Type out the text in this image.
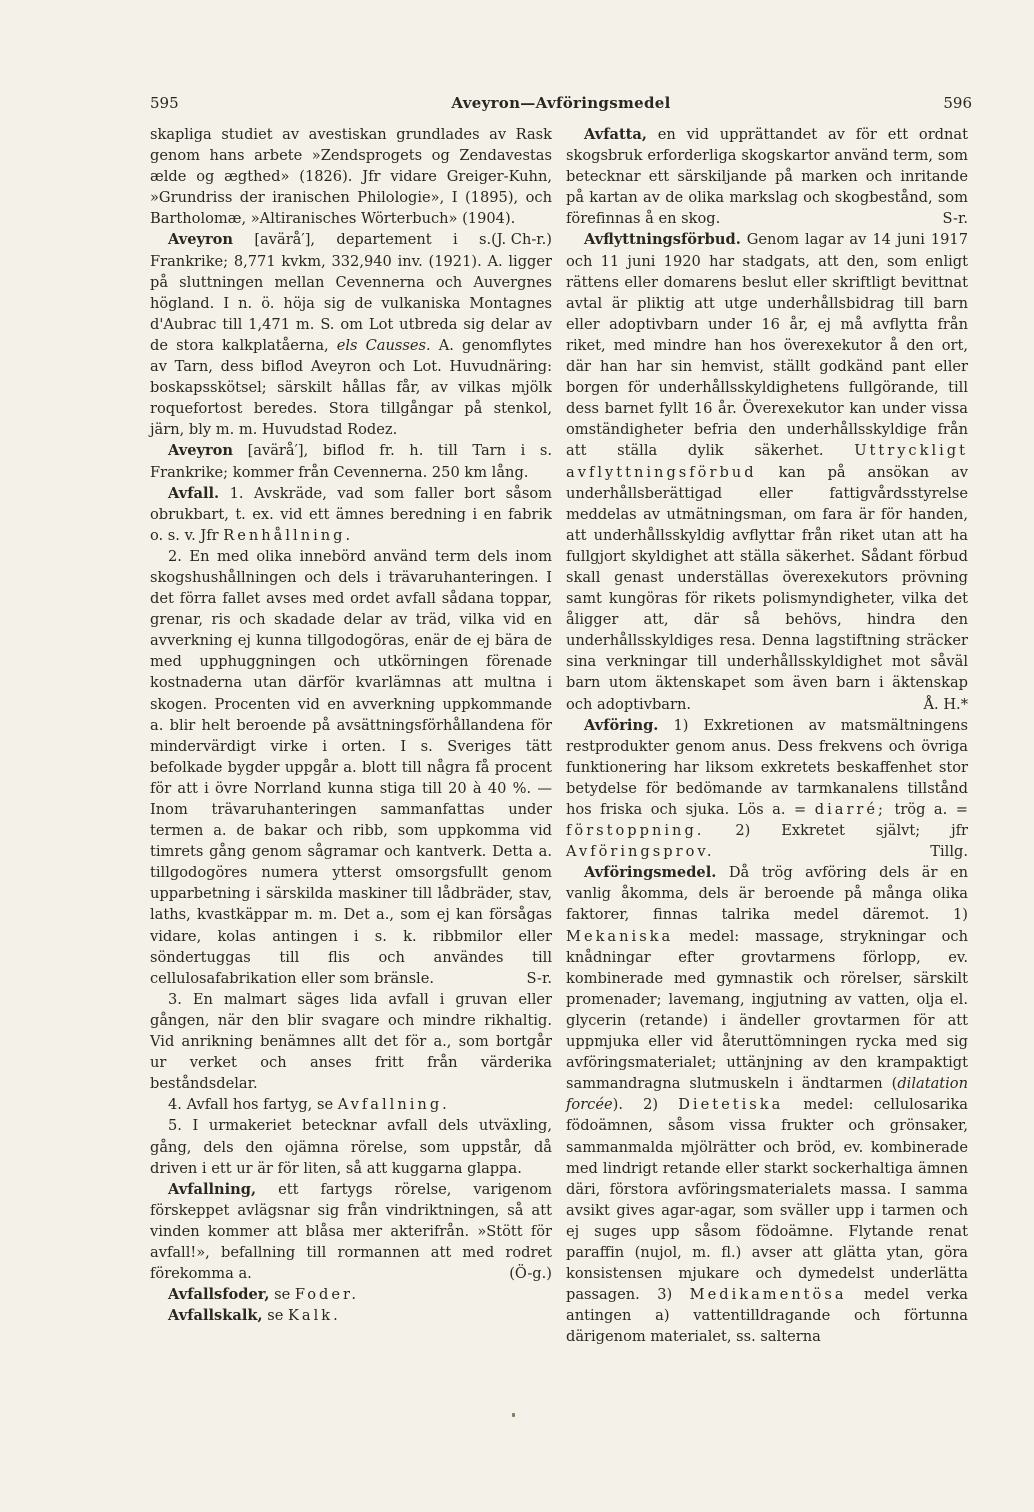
595	Aveyron—Avföringsmedel	596

skapliga studiet av avestiskan grundlades av Rask genom hans arbete »Zendsprogets og Zendavestas ælde og ægthed» (1826). Jfr vidare Greiger-Kuhn, »Grundriss der iranischen Philologie», I (1895), och Bartholomæ, »Altiranisches Wörterbuch» (1904).
(J. Ch-r.)

Aveyron [avärå′], departement i s. Frankrike; 8,771 kvkm, 332,940 inv. (1921). A. ligger på sluttningen mellan Cevennerna och Auvergnes högland. I n. ö. höja sig de vulkaniska Montagnes d'Aubrac till 1,471 m. S. om Lot utbreda sig delar av de stora kalkplatåerna, els Causses. A. genomflytes av Tarn, dess biflod Aveyron och Lot. Huvudnäring: boskapsskötsel; särskilt hållas får, av vilkas mjölk roquefortost beredes. Stora tillgångar på stenkol, järn, bly m. m. Huvudstad Rodez.

Aveyron [avärå′], biflod fr. h. till Tarn i s. Frankrike; kommer från Cevennerna. 250 km lång.

Avfall. 1. Avskräde, vad som faller bort såsom obrukbart, t. ex. vid ett ämnes beredning i en fabrik o. s. v. Jfr Renhållning.

2. En med olika innebörd använd term dels inom skogshushållningen och dels i trävaruhanteringen. I det förra fallet avses med ordet avfall sådana toppar, grenar, ris och skadade delar av träd, vilka vid en avverkning ej kunna tillgodogöras, enär de ej bära de med upphuggningen och utkörningen förenade kostnaderna utan därför kvarlämnas att multna i skogen. Procenten vid en avverkning uppkommande a. blir helt beroende på avsättningsförhållandena för mindervärdigt virke i orten. I s. Sveriges tätt befolkade bygder uppgår a. blott till några få procent för att i övre Norrland kunna stiga till 20 à 40 %. — Inom trävaruhanteringen sammanfattas under termen a. de bakar och ribb, som uppkomma vid timrets gång genom sågramar och kantverk. Detta a. tillgodogöres numera ytterst omsorgsfullt genom upparbetning i särskilda maskiner till lådbräder, stav, laths, kvastkäppar m. m. Det a., som ej kan försågas vidare, kolas antingen i s. k. ribbmilor eller söndertuggas till flis och användes till cellulosafabrikation eller som bränsle.	S-r.

3. En malmart säges lida avfall i gruvan eller gången, när den blir svagare och mindre rikhaltig. Vid anrikning benämnes allt det för a., som bortgår ur verket och anses fritt från värderika beståndsdelar.

4. Avfall hos fartyg, se Avfallning.

5. I urmakeriet betecknar avfall dels utväxling, gång, dels den ojämna rörelse, som uppstår, då driven i ett ur är för liten, så att kuggarna glappa.

Avfallning, ett fartygs rörelse, varigenom förskeppet avlägsnar sig från vindriktningen, så att vinden kommer att blåsa mer akterifrån. »Stött för avfall!», befallning till rormannen att med rodret förekomma a.	(Ö-g.)

Avfallsfoder, se Foder.

Avfallskalk, se Kalk.

Avfatta, en vid upprättandet av för ett ordnat skogsbruk erforderliga skogskartor använd term, som betecknar ett särskiljande på marken och inritande på kartan av de olika markslag och skogbestånd, som förefinnas å en skog.	S-r.

Avflyttningsförbud. Genom lagar av 14 juni 1917 och 11 juni 1920 har stadgats, att den, som enligt rättens eller domarens beslut eller skriftligt bevittnat avtal är pliktig att utge underhållsbidrag till barn eller adoptivbarn under 16 år, ej må avflytta från riket, med mindre han hos överexekutor å den ort, där han har sin hemvist, ställt godkänd pant eller borgen för underhållsskyldighetens fullgörande, till dess barnet fyllt 16 år. Överexekutor kan under vissa omständigheter befria den underhållsskyldige från att ställa dylik säkerhet. Uttryckligt avflyttningsförbud kan på ansökan av underhållsberättigad eller fattigvårdsstyrelse meddelas av utmätningsman, om fara är för handen, att underhållsskyldig avflyttar från riket utan att ha fullgjort skyldighet att ställa säkerhet. Sådant förbud skall genast underställas överexekutors prövning samt kungöras för rikets polismyndigheter, vilka det åligger att, där så behövs, hindra den underhållsskyldiges resa. Denna lagstiftning sträcker sina verkningar till underhållsskyldighet mot såväl barn utom äktenskapet som även barn i äktenskap och adoptivbarn.	Å. H.*

Avföring. 1) Exkretionen av matsmältningens restprodukter genom anus. Dess frekvens och övriga funktionering har liksom exkretets beskaffenhet stor betydelse för bedömande av tarmkanalens tillstånd hos friska och sjuka. Lös a. = diarré; trög a. = förstoppning. 2) Exkretet självt; jfr Avföringsprov.	Tillg.

Avföringsmedel. Då trög avföring dels är en vanlig åkomma, dels är beroende på många olika faktorer, finnas talrika medel däremot. 1) Mekaniska medel: massage, strykningar och knådningar efter grovtarmens förlopp, ev. kombinerade med gymnastik och rörelser, särskilt promenader; lavemang, ingjutning av vatten, olja el. glycerin (retande) i ändeller grovtarmen för att uppmjuka eller vid återuttömningen rycka med sig avföringsmaterialet; uttänjning av den krampaktigt sammandragna slutmuskeln i ändtarmen (dilatation forcée). 2) Dietetiska medel: cellulosarika födoämnen, såsom vissa frukter och grönsaker, sammanmalda mjölrätter och bröd, ev. kombinerade med lindrigt retande eller starkt sockerhaltiga ämnen däri, förstora avföringsmaterialets massa. I samma avsikt gives agar-agar, som sväller upp i tarmen och ej suges upp såsom födoämne. Flytande renat paraffin (nujol, m. fl.) avser att glätta ytan, göra konsistensen mjukare och dymedelst underlätta passagen. 3) Medikamentösa medel verka antingen a) vattentilldragande och förtunna därigenom materialet, ss. salterna
